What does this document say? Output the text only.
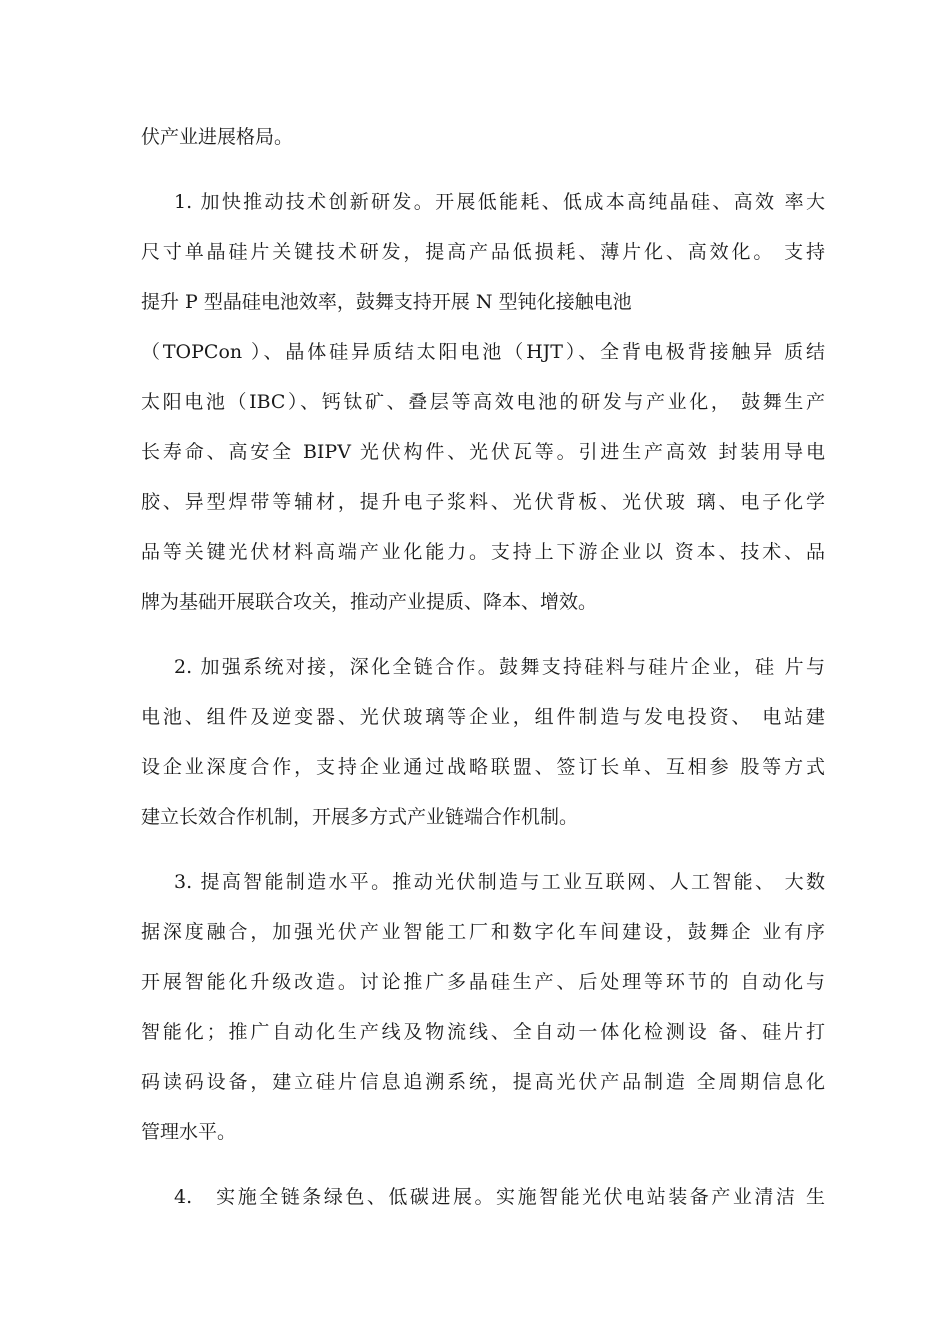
伏产业进展格局。
1. 加快推动技术创新研发。开展低能耗、低成本高纯晶硅、高效 率大
尺寸单晶硅片关键技术研发，提高产品低损耗、薄片化、高效化。 支持
提升 P 型晶硅电池效率，鼓舞支持开展 N 型钝化接触电池
（TOPCon ）、晶体硅异质结太阳电池（HJT）、全背电极背接触异 质结
太阳电池（IBC）、钙钛矿、叠层等高效电池的研发与产业化， 鼓舞生产
长寿命、高安全 BIPV 光伏构件、光伏瓦等。引进生产高效 封装用导电
胶、异型焊带等辅材，提升电子浆料、光伏背板、光伏玻 璃、电子化学
品等关键光伏材料高端产业化能力。支持上下游企业以 资本、技术、品
牌为基础开展联合攻关，推动产业提质、降本、增效。
2. 加强系统对接，深化全链合作。鼓舞支持硅料与硅片企业，硅 片与
电池、组件及逆变器、光伏玻璃等企业，组件制造与发电投资、 电站建
设企业深度合作，支持企业通过战略联盟、签订长单、互相参 股等方式
建立长效合作机制，开展多方式产业链端合作机制。
3. 提高智能制造水平。推动光伏制造与工业互联网、人工智能、 大数
据深度融合，加强光伏产业智能工厂和数字化车间建设，鼓舞企 业有序
开展智能化升级改造。讨论推广多晶硅生产、后处理等环节的 自动化与
智能化；推广自动化生产线及物流线、全自动一体化检测设 备、硅片打
码读码设备，建立硅片信息追溯系统，提高光伏产品制造 全周期信息化
管理水平。
4.　实施全链条绿色、低碳进展。实施智能光伏电站装备产业清洁 生
